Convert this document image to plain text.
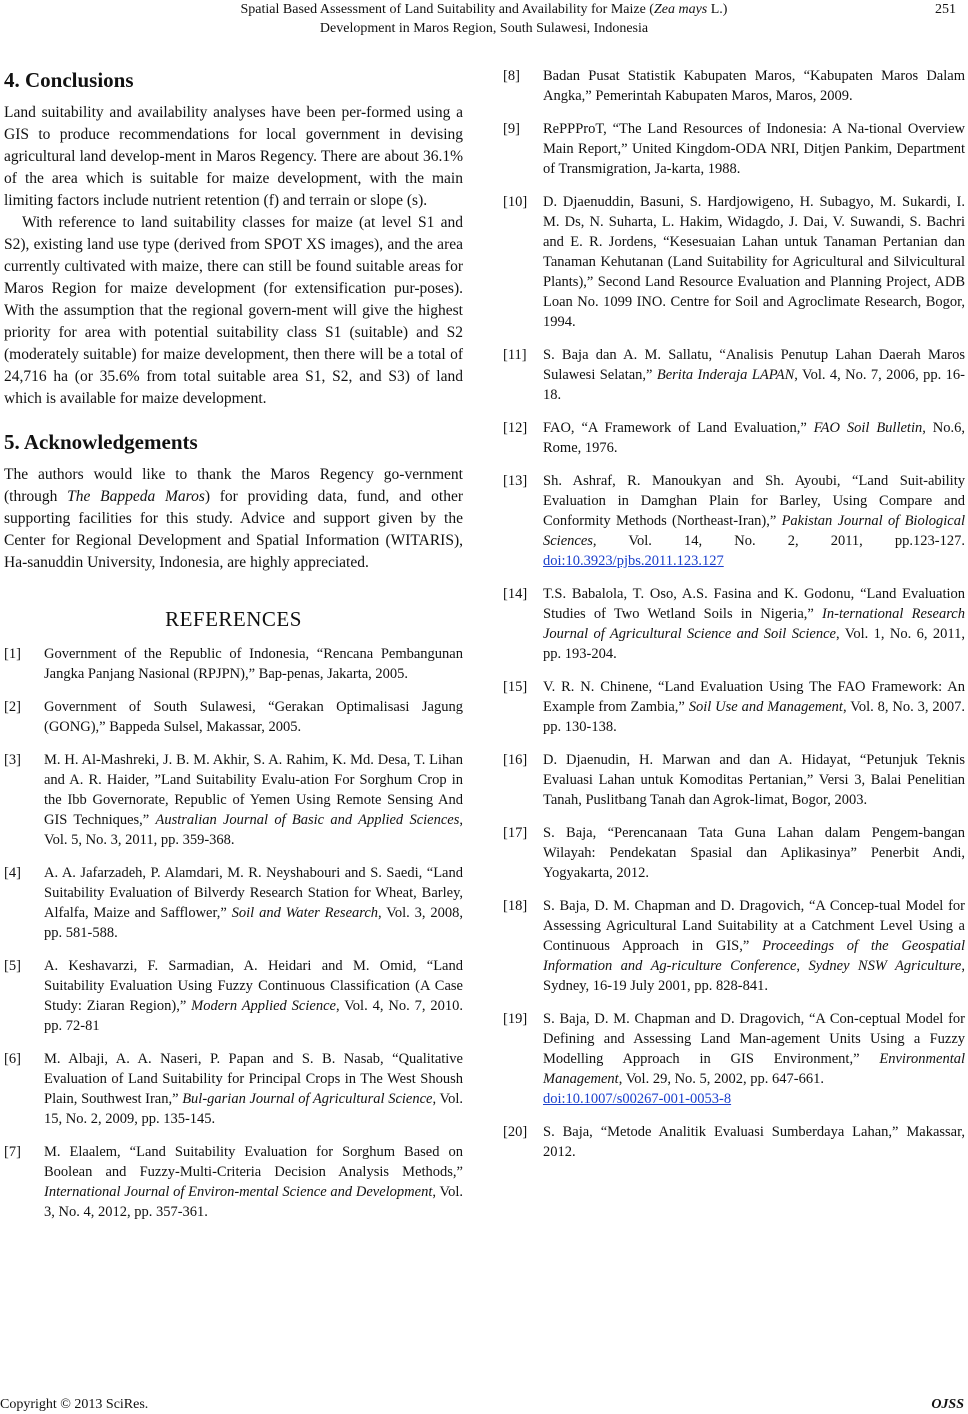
Spatial Based Assessment of Land Suitability and Availability for Maize (Zea mays L.)
Development in Maros Region, South Sulawesi, Indonesia
251
4. Conclusions

Land suitability and availability analyses have been per-formed using a GIS to produce recommendations for local government in devising agricultural land develop-ment in Maros Regency. There are about 36.1% of the area which is suitable for maize development, with the main limiting factors include nutrient retention (f) and terrain or slope (s).

With reference to land suitability classes for maize (at level S1 and S2), existing land use type (derived from SPOT XS images), and the area currently cultivated with maize, there can still be found suitable areas for Maros Region for maize development (for extensification pur-poses). With the assumption that the regional govern-ment will give the highest priority for area with potential suitability class S1 (suitable) and S2 (moderately suitable) for maize development, then there will be a total of 24,716 ha (or 35.6% from total suitable area S1, S2, and S3) of land which is available for maize development.

5. Acknowledgements

The authors would like to thank the Maros Regency go-vernment (through The Bappeda Maros) for providing data, fund, and other supporting facilities for this study. Advice and support given by the Center for Regional Development and Spatial Information (WITARIS), Ha-sanuddin University, Indonesia, are highly appreciated.

REFERENCES
[1] Government of the Republic of Indonesia, “Rencana Pembangunan Jangka Panjang Nasional (RPJPN),” Bap-penas, Jakarta, 2005.
[2] Government of South Sulawesi, “Gerakan Optimalisasi Jagung (GONG),” Bappeda Sulsel, Makassar, 2005.
[3] M. H. Al-Mashreki, J. B. M. Akhir, S. A. Rahim, K. Md. Desa, T. Lihan and A. R. Haider, ”Land Suitability Evalu-ation For Sorghum Crop in the Ibb Governorate, Republic of Yemen Using Remote Sensing And GIS Techniques,” Australian Journal of Basic and Applied Sciences, Vol. 5, No. 3, 2011, pp. 359-368.
[4] A. A. Jafarzadeh, P. Alamdari, M. R. Neyshabouri and S. Saedi, “Land Suitability Evaluation of Bilverdy Research Station for Wheat, Barley, Alfalfa, Maize and Safflower,” Soil and Water Research, Vol. 3, 2008, pp. 581-588.
[5] A. Keshavarzi, F. Sarmadian, A. Heidari and M. Omid, “Land Suitability Evaluation Using Fuzzy Continuous Classification (A Case Study: Ziaran Region),” Modern Applied Science, Vol. 4, No. 7, 2010. pp. 72-81
[6] M. Albaji, A. A. Naseri, P. Papan and S. B. Nasab, “Qualitative Evaluation of Land Suitability for Principal Crops in The West Shoush Plain, Southwest Iran,” Bul-garian Journal of Agricultural Science, Vol. 15, No. 2, 2009, pp. 135-145.
[7] M. Elaalem, “Land Suitability Evaluation for Sorghum Based on Boolean and Fuzzy-Multi-Criteria Decision Analysis Methods,” International Journal of Environ-mental Science and Development, Vol. 3, No. 4, 2012, pp. 357-361.
[8] Badan Pusat Statistik Kabupaten Maros, “Kabupaten Maros Dalam Angka,” Pemerintah Kabupaten Maros, Maros, 2009.
[9] RePPProT, “The Land Resources of Indonesia: A Na-tional Overview Main Report,” United Kingdom-ODA NRI, Ditjen Pankim, Department of Transmigration, Ja-karta, 1988.
[10] D. Djaenuddin, Basuni, S. Hardjowigeno, H. Subagyo, M. Sukardi, I. M. Ds, N. Suharta, L. Hakim, Widagdo, J. Dai, V. Suwandi, S. Bachri and E. R. Jordens, “Kesesuaian Lahan untuk Tanaman Pertanian dan Tanaman Kehutanan (Land Suitability for Agricultural and Silvicultural Plants),” Second Land Resource Evaluation and Planning Project, ADB Loan No. 1099 INO. Centre for Soil and Agroclimate Research, Bogor, 1994.
[11] S. Baja dan A. M. Sallatu, “Analisis Penutup Lahan Daerah Maros Sulawesi Selatan,” Berita Inderaja LAPAN, Vol. 4, No. 7, 2006, pp. 16-18.
[12] FAO, “A Framework of Land Evaluation,” FAO Soil Bulletin, No.6, Rome, 1976.
[13] Sh. Ashraf, R. Manoukyan and Sh. Ayoubi, “Land Suit-ability Evaluation in Damghan Plain for Barley, Using Compare and Conformity Methods (Northeast-Iran),” Pakistan Journal of Biological Sciences, Vol. 14, No. 2, 2011, pp.123-127. doi:10.3923/pjbs.2011.123.127
[14] T.S. Babalola, T. Oso, A.S. Fasina and K. Godonu, “Land Evaluation Studies of Two Wetland Soils in Nigeria,” In-ternational Research Journal of Agricultural Science and Soil Science, Vol. 1, No. 6, 2011, pp. 193-204.
[15] V. R. N. Chinene, “Land Evaluation Using The FAO Framework: An Example from Zambia,” Soil Use and Management, Vol. 8, No. 3, 2007. pp. 130-138.
[16] D. Djaenudin, H. Marwan and dan A. Hidayat, “Petunjuk Teknis Evaluasi Lahan untuk Komoditas Pertanian,” Versi 3, Balai Penelitian Tanah, Puslitbang Tanah dan Agrok-limat, Bogor, 2003.
[17] S. Baja, “Perencanaan Tata Guna Lahan dalam Pengem-bangan Wilayah: Pendekatan Spasial dan Aplikasinya” Penerbit Andi, Yogyakarta, 2012.
[18] S. Baja, D. M. Chapman and D. Dragovich, “A Concep-tual Model for Assessing Agricultural Land Suitability at a Catchment Level Using a Continuous Approach in GIS,” Proceedings of the Geospatial Information and Ag-riculture Conference, Sydney NSW Agriculture, Sydney, 16-19 July 2001, pp. 828-841.
[19] S. Baja, D. M. Chapman and D. Dragovich, “A Con-ceptual Model for Defining and Assessing Land Man-agement Units Using a Fuzzy Modelling Approach in GIS Environment,” Environmental Management, Vol. 29, No. 5, 2002, pp. 647-661.
doi:10.1007/s00267-001-0053-8
[20] S. Baja, “Metode Analitik Evaluasi Sumberdaya Lahan,” Makassar, 2012.
Copyright © 2013 SciRes.	OJSS
